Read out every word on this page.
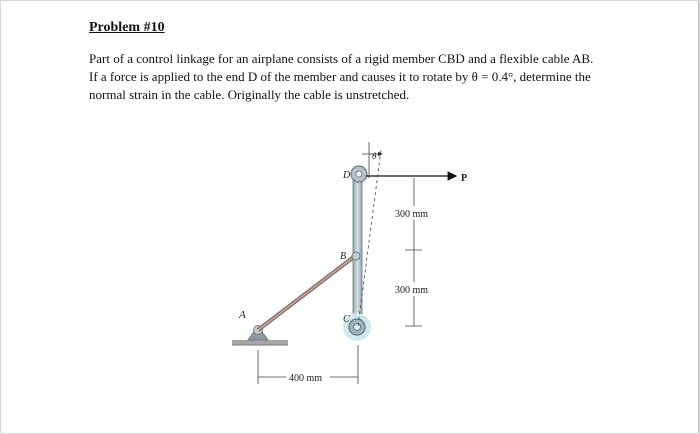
Problem #10

Part of a control linkage for an airplane consists of a rigid member CBD and a flexible cable AB.

If a force is applied to the end D of the member and causes it to rotate by θ = 0.4°, determine the

normal strain in the cable. Originally the cable is unstretched.

A
B
C
D	P
θ
300 mm
300 mm
400 mm
